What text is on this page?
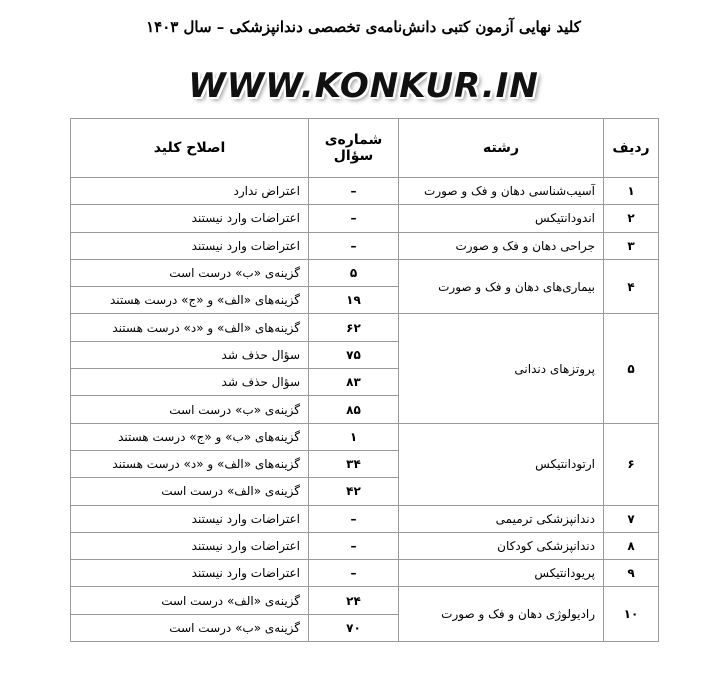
کلید نهایی آزمون کتبی دانش‌نامه‌ی تخصصی دندانپزشکی – سال ۱۴۰۳
WWW.KONKUR.IN
ردیف	رشته	شماره‌ی سؤال	اصلاح کلید
۱	آسیب‌شناسی دهان و فک و صورت	–	اعتراض ندارد
۲	اندودانتیکس	–	اعتراضات وارد نیستند
۳	جراحی دهان و فک و صورت	–	اعتراضات وارد نیستند
۴	بیماری‌های دهان و فک و صورت	۵	گزینه‌ی «ب» درست است
		۱۹	گزینه‌های «الف» و «ج» درست هستند
۵	پروتزهای دندانی	۶۲	گزینه‌های «الف» و «د» درست هستند
		۷۵	سؤال حذف شد
		۸۳	سؤال حذف شد
		۸۵	گزینه‌ی «ب» درست است
۶	ارتودانتیکس	۱	گزینه‌های «ب» و «ج» درست هستند
		۳۴	گزینه‌های «الف» و «د» درست هستند
		۴۲	گزینه‌ی «الف» درست است
۷	دندانپزشکی ترمیمی	–	اعتراضات وارد نیستند
۸	دندانپزشکی کودکان	–	اعتراضات وارد نیستند
۹	پریودانتیکس	–	اعتراضات وارد نیستند
۱۰	رادیولوژی دهان و فک و صورت	۲۴	گزینه‌ی «الف» درست است
		۷۰	گزینه‌ی «ب» درست است
